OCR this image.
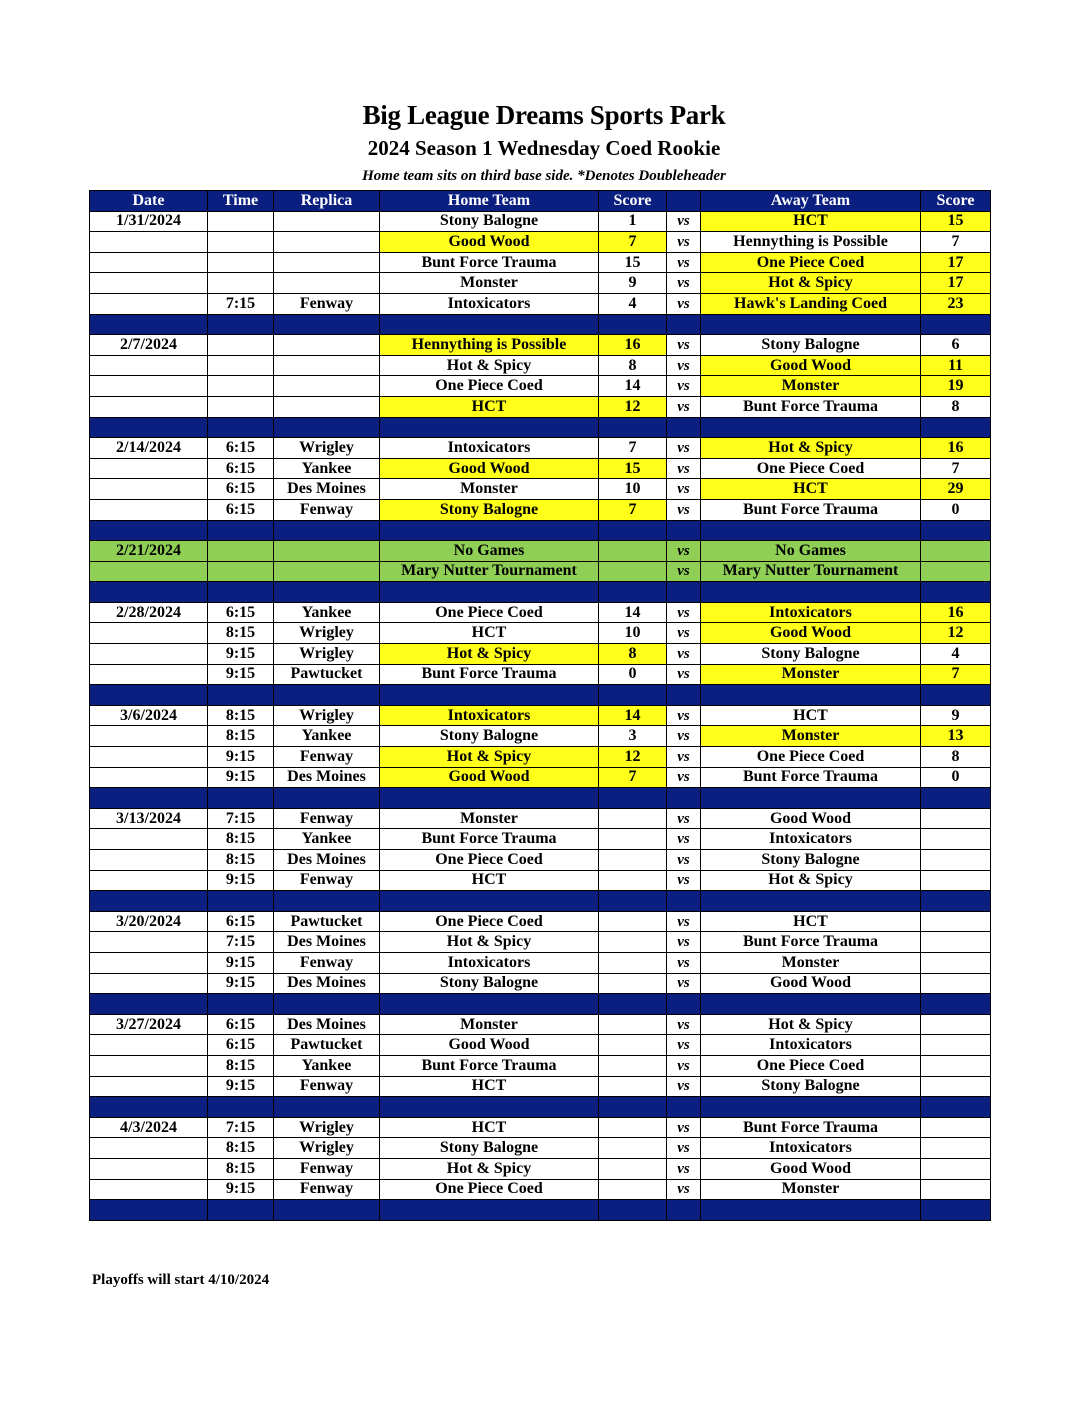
Big League Dreams Sports Park
2024 Season 1 Wednesday Coed Rookie
Home team sits on third base side. *Denotes Doubleheader
Date	Time	Replica	Home Team	Score		Away Team	Score
1/31/2024			Stony Balogne	1	vs	HCT	15
			Good Wood	7	vs	Hennything is Possible	7
			Bunt Force Trauma	15	vs	One Piece Coed	17
			Monster	9	vs	Hot & Spicy	17
	7:15	Fenway	Intoxicators	4	vs	Hawk's Landing Coed	23

2/7/2024			Hennything is Possible	16	vs	Stony Balogne	6
			Hot & Spicy	8	vs	Good Wood	11
			One Piece Coed	14	vs	Monster	19
			HCT	12	vs	Bunt Force Trauma	8

2/14/2024	6:15	Wrigley	Intoxicators	7	vs	Hot & Spicy	16
	6:15	Yankee	Good Wood	15	vs	One Piece Coed	7
	6:15	Des Moines	Monster	10	vs	HCT	29
	6:15	Fenway	Stony Balogne	7	vs	Bunt Force Trauma	0

2/21/2024			No Games		vs	No Games	
			Mary Nutter Tournament		vs	Mary Nutter Tournament	

2/28/2024	6:15	Yankee	One Piece Coed	14	vs	Intoxicators	16
	8:15	Wrigley	HCT	10	vs	Good Wood	12
	9:15	Wrigley	Hot & Spicy	8	vs	Stony Balogne	4
	9:15	Pawtucket	Bunt Force Trauma	0	vs	Monster	7

3/6/2024	8:15	Wrigley	Intoxicators	14	vs	HCT	9
	8:15	Yankee	Stony Balogne	3	vs	Monster	13
	9:15	Fenway	Hot & Spicy	12	vs	One Piece Coed	8
	9:15	Des Moines	Good Wood	7	vs	Bunt Force Trauma	0

3/13/2024	7:15	Fenway	Monster		vs	Good Wood	
	8:15	Yankee	Bunt Force Trauma		vs	Intoxicators	
	8:15	Des Moines	One Piece Coed		vs	Stony Balogne	
	9:15	Fenway	HCT		vs	Hot & Spicy	

3/20/2024	6:15	Pawtucket	One Piece Coed		vs	HCT	
	7:15	Des Moines	Hot & Spicy		vs	Bunt Force Trauma	
	9:15	Fenway	Intoxicators		vs	Monster	
	9:15	Des Moines	Stony Balogne		vs	Good Wood	

3/27/2024	6:15	Des Moines	Monster		vs	Hot & Spicy	
	6:15	Pawtucket	Good Wood		vs	Intoxicators	
	8:15	Yankee	Bunt Force Trauma		vs	One Piece Coed	
	9:15	Fenway	HCT		vs	Stony Balogne	

4/3/2024	7:15	Wrigley	HCT		vs	Bunt Force Trauma	
	8:15	Wrigley	Stony Balogne		vs	Intoxicators	
	8:15	Fenway	Hot & Spicy		vs	Good Wood	
	9:15	Fenway	One Piece Coed		vs	Monster	

Playoffs will start 4/10/2024
